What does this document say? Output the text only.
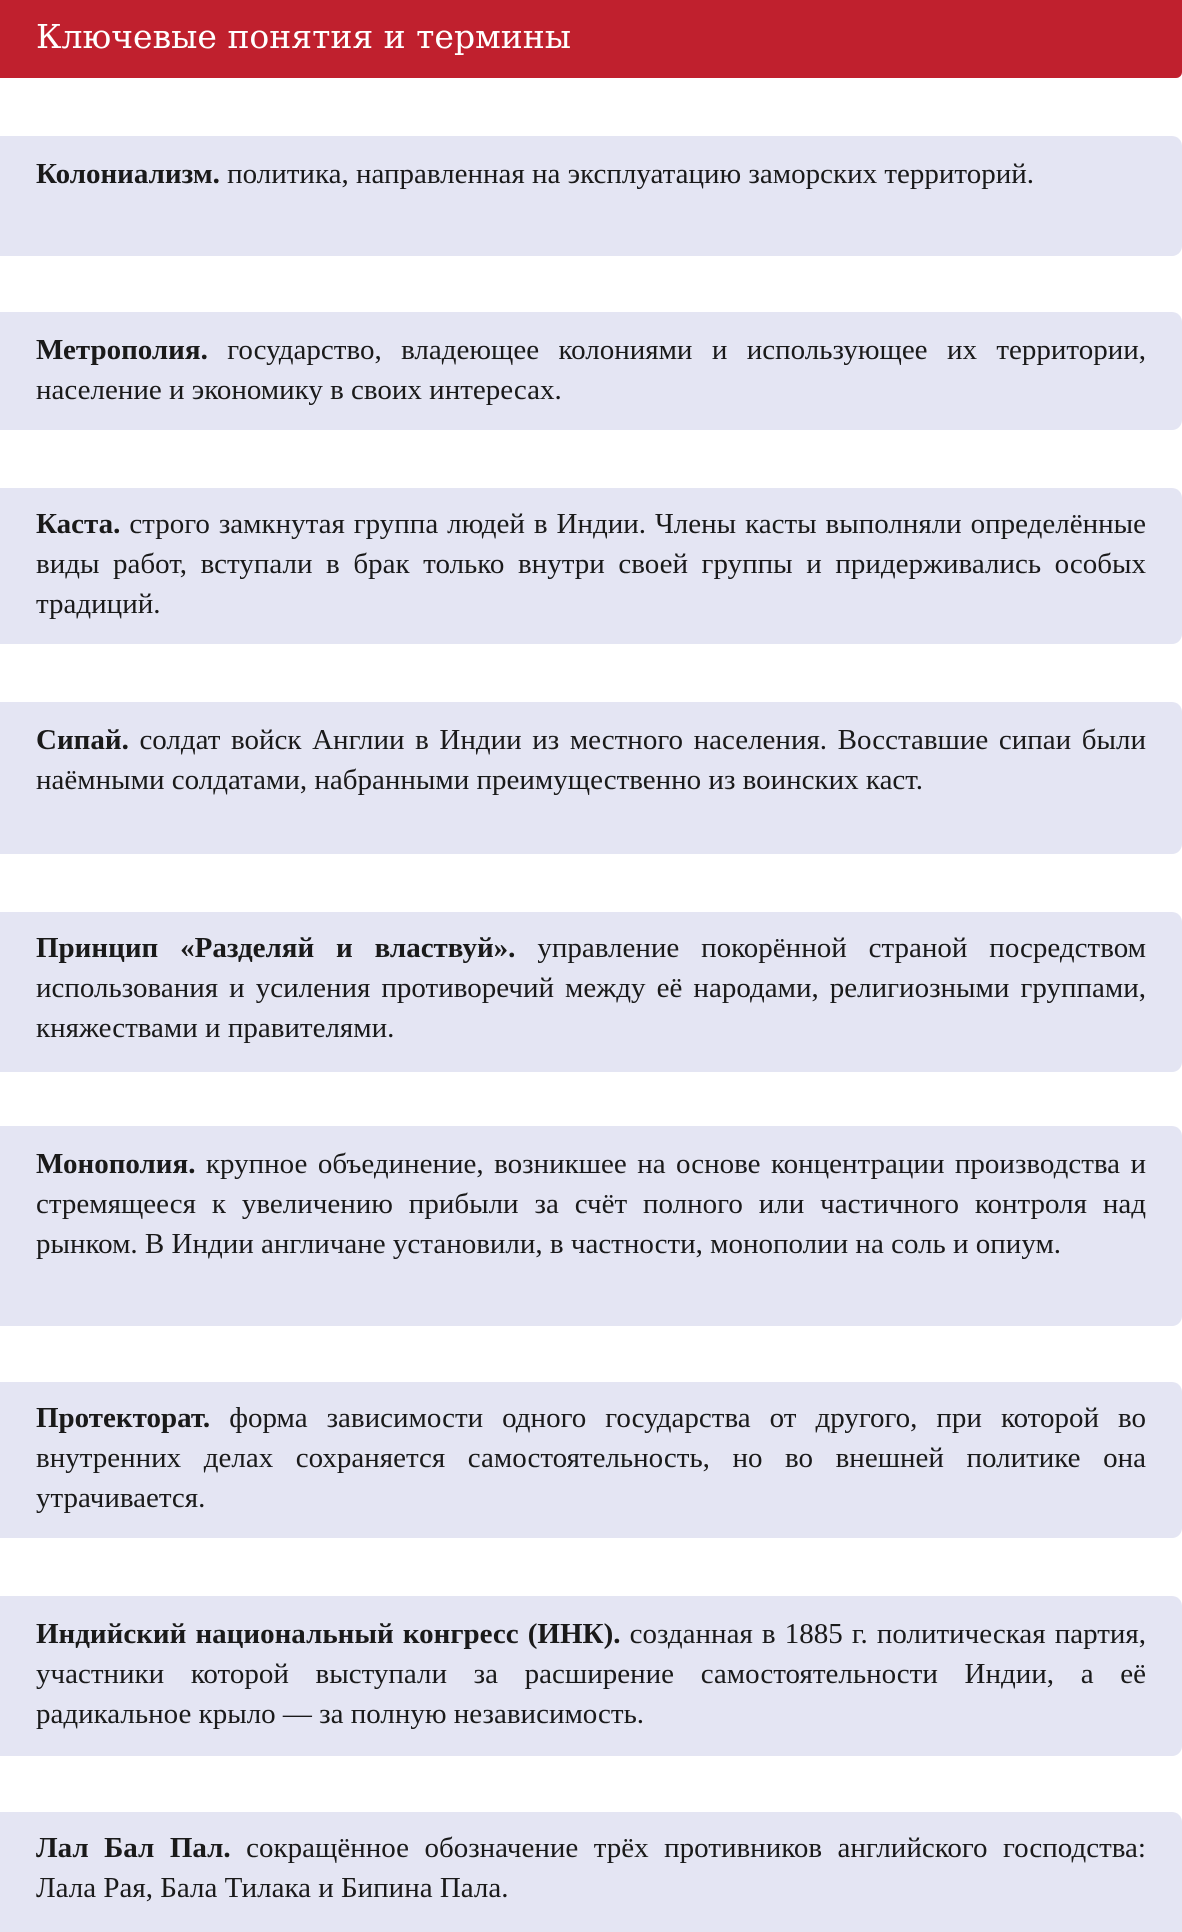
Ключевые понятия и термины

Колониализм. политика, направленная на эксплуатацию заморских территорий.

Метрополия. государство, владеющее колониями и использующее их территории, население и экономику в своих интересах.

Каста. строго замкнутая группа людей в Индии. Члены касты выполняли определённые виды работ, вступали в брак только внутри своей группы и придерживались особых традиций.

Сипай. солдат войск Англии в Индии из местного населения. Восставшие сипаи были наёмными солдатами, набранными преимущественно из воинских каст.

Принцип «Разделяй и властвуй». управление покорённой страной посредством использования и усиления противоречий между её народами, религиозными группами, княжествами и правителями.

Монополия. крупное объединение, возникшее на основе концентрации производства и стремящееся к увеличению прибыли за счёт полного или частичного контроля над рынком. В Индии англичане установили, в частности, монополии на соль и опиум.

Протекторат. форма зависимости одного государства от другого, при которой во внутренних делах сохраняется самостоятельность, но во внешней политике она утрачивается.

Индийский национальный конгресс (ИНК). созданная в 1885 г. политическая партия, участники которой выступали за расширение самостоятельности Индии, а её радикальное крыло — за полную независимость.

Лал Бал Пал. сокращённое обозначение трёх противников английского господства: Лала Рая, Бала Тилака и Бипина Пала.
